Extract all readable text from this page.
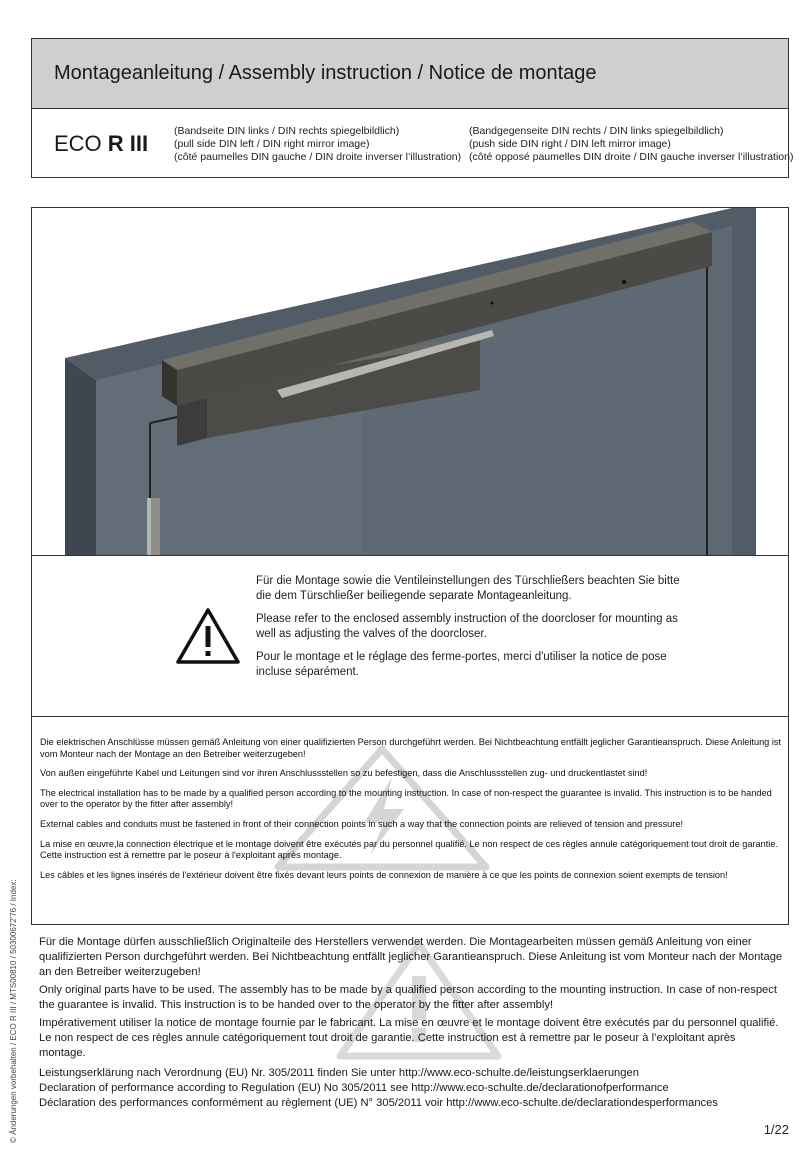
Montageanleitung / Assembly instruction / Notice de montage
ECO R III (Bandseite DIN links / DIN rechts spiegelbildlich)
(pull side DIN left / DIN right mirror image)
(côté paumelles DIN gauche / DIN droite inverser l’illustration)
(Bandgegenseite DIN rechts / DIN links spiegelbildlich)
(push side DIN right / DIN left mirror image)
(côté opposé paumelles DIN droite / DIN gauche inverser l’illustration)

Für die Montage sowie die Ventileinstellungen des Türschließers beachten Sie bitte die dem Türschließer beiliegende separate Montageanleitung.

Please refer to the enclosed assembly instruction of the doorcloser for mounting as well as adjusting the valves of the doorcloser.

Pour le montage et le réglage des ferme-portes, merci d'utiliser la notice de pose incluse séparément.

Die elektrischen Anschlüsse müssen gemäß Anleitung von einer qualifizierten Person durchgeführt werden. Bei Nichtbeachtung entfällt jeglicher Garantieanspruch. Diese Anleitung ist vom Monteur nach der Montage an den Betreiber weiterzugeben!

Von außen eingeführte Kabel und Leitungen sind vor ihren Anschlussstellen so zu befestigen, dass die Anschlussstellen zug- und druckentlastet sind!

The electrical installation has to be made by a qualified person according to the mounting instruction. In case of non-respect the guarantee is invalid. This instruction is to be handed over to the operator by the fitter after assembly!

External cables and conduits must be fastened in front of their connection points in such a way that the connection points are relieved of tension and pressure!

La mise en œuvre,la connection électrique et le montage doivent être exécutés par du personnel qualifié. Le non respect de ces règles annule catégoriquement tout droit de garantie. Cette instruction est à remettre par le poseur à l'exploitant après montage.

Les câbles et les lignes insérés de l'extérieur doivent être fixés devant leurs points de connexion de manière à ce que les points de connexion soient exempts de tension!

© Änderungen vorbehalten / ECO R III / MTS00810 / 50300672'76 / Index: Für die Montage dürfen ausschließlich Originalteile des Herstellers verwendet werden. Die Montagearbeiten müssen gemäß Anleitung von einer qualifizierten Person durchgeführt werden. Bei Nichtbeachtung entfällt jeglicher Garantieanspruch. Diese Anleitung ist vom Monteur nach der Montage an den Betreiber weiterzugeben!

Only original parts have to be used. The assembly has to be made by a qualified person according to the mounting instruction. In case of non-respect the guarantee is invalid. This instruction is to be handed over to the operator by the fitter after assembly!

Impérativement utiliser la notice de montage fournie par le fabricant. La mise en œuvre et le montage doivent être exécutés par du personnel qualifié. Le non respect de ces règles annule catégoriquement tout droit de garantie. Cette instruction est à remettre par le poseur à l’exploitant après montage.

Leistungserklärung nach Verordnung (EU) Nr. 305/2011 finden Sie unter http://www.eco-schulte.de/leistungserklaerungen
Declaration of performance according to Regulation (EU) No 305/2011 see http://www.eco-schulte.de/declarationofperformance
Déclaration des performances conformément au règlement (UE) N° 305/2011 voir http://www.eco-schulte.de/declarationdesperformances
1/22
